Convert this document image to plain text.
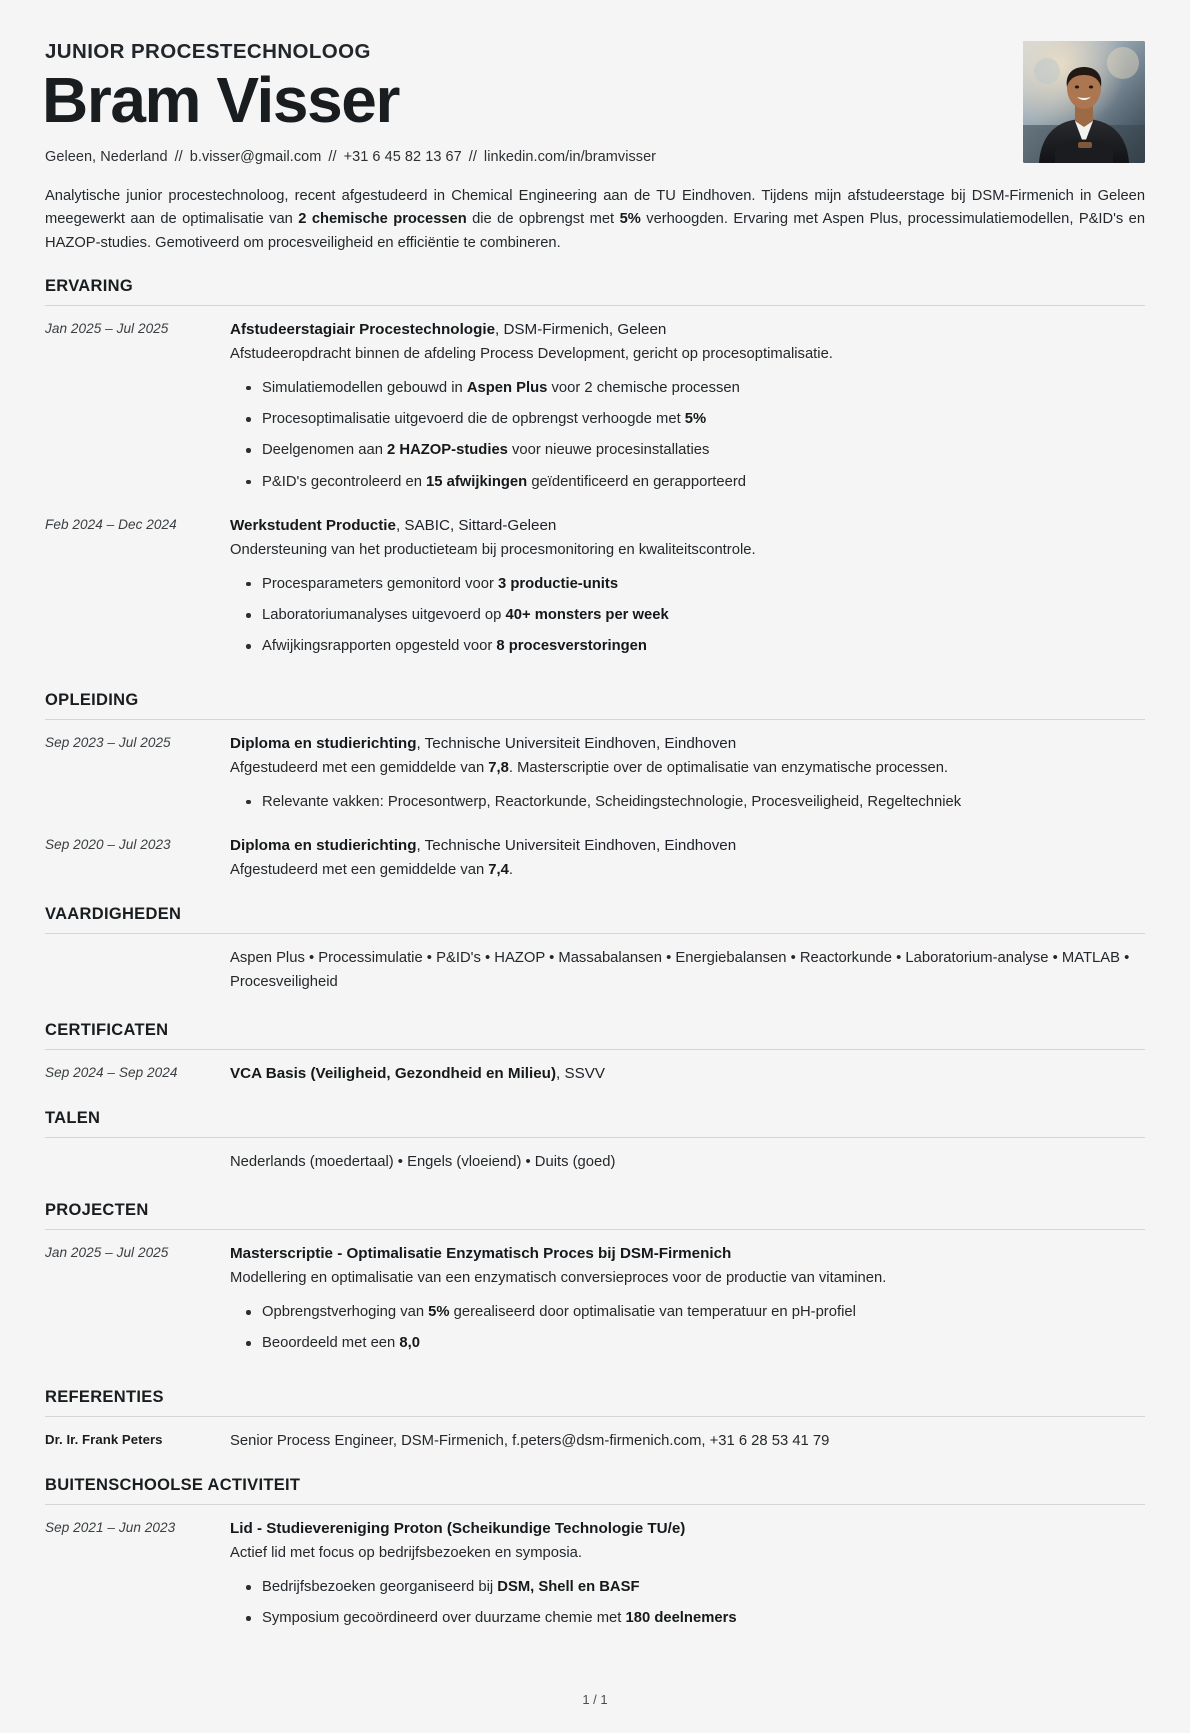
JUNIOR PROCESTECHNOLOOG
Bram Visser
Geleen, Nederland // b.visser@gmail.com // +31 6 45 82 13 67 // linkedin.com/in/bramvisser

Analytische junior procestechnoloog, recent afgestudeerd in Chemical Engineering aan de TU Eindhoven. Tijdens mijn afstudeerstage bij DSM-Firmenich in Geleen meegewerkt aan de optimalisatie van 2 chemische processen die de opbrengst met 5% verhoogden. Ervaring met Aspen Plus, processimulatiemodellen, P&ID's en HAZOP-studies. Gemotiveerd om procesveiligheid en efficiëntie te combineren.

ERVARING
Jan 2025 – Jul 2025	Afstudeerstagiair Procestechnologie, DSM-Firmenich, Geleen
Afstudeeropdracht binnen de afdeling Process Development, gericht op procesoptimalisatie.
Simulatiemodellen gebouwd in Aspen Plus voor 2 chemische processen
Procesoptimalisatie uitgevoerd die de opbrengst verhoogde met 5%
Deelgenomen aan 2 HAZOP-studies voor nieuwe procesinstallaties
P&ID's gecontroleerd en 15 afwijkingen geïdentificeerd en gerapporteerd
Feb 2024 – Dec 2024	Werkstudent Productie, SABIC, Sittard-Geleen
Ondersteuning van het productieteam bij procesmonitoring en kwaliteitscontrole.
Procesparameters gemonitord voor 3 productie-units
Laboratoriumanalyses uitgevoerd op 40+ monsters per week
Afwijkingsrapporten opgesteld voor 8 procesverstoringen
OPLEIDING
Sep 2023 – Jul 2025	Diploma en studierichting, Technische Universiteit Eindhoven, Eindhoven
Afgestudeerd met een gemiddelde van 7,8. Masterscriptie over de optimalisatie van enzymatische processen.
Relevante vakken: Procesontwerp, Reactorkunde, Scheidingstechnologie, Procesveiligheid, Regeltechniek
Sep 2020 – Jul 2023	Diploma en studierichting, Technische Universiteit Eindhoven, Eindhoven
Afgestudeerd met een gemiddelde van 7,4.
VAARDIGHEDEN
Aspen Plus • Processimulatie • P&ID's • HAZOP • Massabalansen • Energiebalansen • Reactorkunde • Laboratorium-analyse • MATLAB • Procesveiligheid
CERTIFICATEN
Sep 2024 – Sep 2024	VCA Basis (Veiligheid, Gezondheid en Milieu), SSVV
TALEN
Nederlands (moedertaal) • Engels (vloeiend) • Duits (goed)
PROJECTEN
Jan 2025 – Jul 2025	Masterscriptie - Optimalisatie Enzymatisch Proces bij DSM-Firmenich
Modellering en optimalisatie van een enzymatisch conversieproces voor de productie van vitaminen.
Opbrengstverhoging van 5% gerealiseerd door optimalisatie van temperatuur en pH-profiel
Beoordeeld met een 8,0
REFERENTIES
Dr. Ir. Frank Peters	Senior Process Engineer, DSM-Firmenich, f.peters@dsm-firmenich.com, +31 6 28 53 41 79
BUITENSCHOOLSE ACTIVITEIT
Sep 2021 – Jun 2023	Lid - Studievereniging Proton (Scheikundige Technologie TU/e)
Actief lid met focus op bedrijfsbezoeken en symposia.
Bedrijfsbezoeken georganiseerd bij DSM, Shell en BASF
Symposium gecoördineerd over duurzame chemie met 180 deelnemers
1 / 1
